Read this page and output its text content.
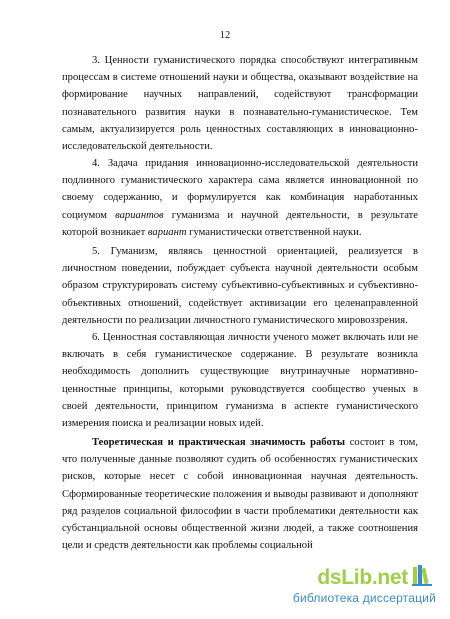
12

3. Ценности гуманистического порядка способствуют интегративным процессам в системе отношений науки и общества, оказывают воздействие на формирование научных направлений, содействуют трансформации познавательного развития науки в познавательно-гуманистическое. Тем самым, актуализируется роль ценностных составляющих в инновационно-исследовательской деятельности.

4. Задача придания инновационно-исследовательской деятельности подлинного гуманистического характера сама является инновационной по своему содержанию, и формулируется как комбинация наработанных социумом вариантов гуманизма и научной деятельности, в результате которой возникает вариант гуманистически ответственной науки.

5. Гуманизм, являясь ценностной ориентацией, реализуется в личностном поведении, побуждает субъекта научной деятельности особым образом структурировать систему субъективно-субъективных и субъективно-объективных отношений, содействует активизации его целенаправленной деятельности по реализации личностного гуманистического мировоззрения.

6. Ценностная составляющая личности ученого может включать или не включать в себя гуманистическое содержание. В результате возникла необходимость дополнить существующие внутринаучные нормативно-ценностные принципы, которыми руководствуется сообщество ученых в своей деятельности, принципом гуманизма в аспекте гуманистического измерения поиска и реализации новых идей.

Теоретическая и практическая значимость работы состоит в том, что полученные данные позволяют судить об особенностях гуманистических рисков, которые несет с собой инновационная научная деятельность. Сформированные теоретические положения и выводы развивают и дополняют ряд разделов социальной философии в части проблематики деятельности как субстанциальной основы общественной жизни людей, а также соотношения цели и средств деятельности как проблемы социальной

dsLib.net
библиотека диссертаций
